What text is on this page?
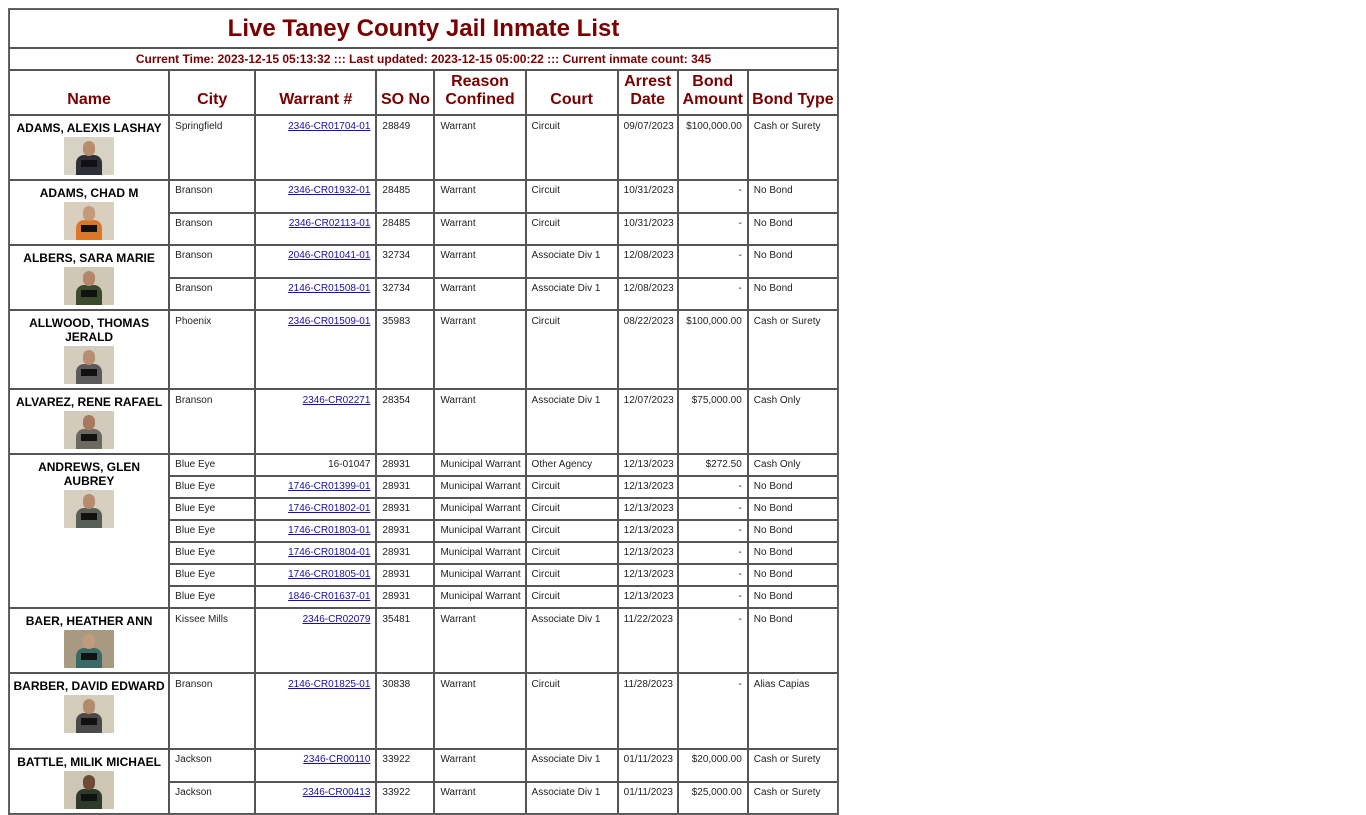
Live Taney County Jail Inmate List								
Current Time: 2023-12-15 05:13:32 ::: Last updated: 2023-12-15 05:00:22 ::: Current inmate count: 345								
Name	City	Warrant #	SO No	Reason Confined	Court	Arrest Date	Bond Amount	Bond Type

ADAMS, ALEXIS LASHAY	Springfield	2346-CR01704-01	28849	Warrant	Circuit	09/07/2023	$100,000.00	Cash or Surety

ADAMS, CHAD M	Branson	2346-CR01932-01	28485	Warrant	Circuit	10/31/2023	-	No Bond
	Branson	2346-CR02113-01	28485	Warrant	Circuit	10/31/2023	-	No Bond

ALBERS, SARA MARIE	Branson	2046-CR01041-01	32734	Warrant	Associate Div 1	12/08/2023	-	No Bond
	Branson	2146-CR01508-01	32734	Warrant	Associate Div 1	12/08/2023	-	No Bond

ALLWOOD, THOMAS JERALD	Phoenix	2346-CR01509-01	35983	Warrant	Circuit	08/22/2023	$100,000.00	Cash or Surety

ALVAREZ, RENE RAFAEL	Branson	2346-CR02271	28354	Warrant	Associate Div 1	12/07/2023	$75,000.00	Cash Only

ANDREWS, GLEN AUBREY	Blue Eye	16-01047	28931	Municipal Warrant	Other Agency	12/13/2023	$272.50	Cash Only
	Blue Eye	1746-CR01399-01	28931	Municipal Warrant	Circuit	12/13/2023	-	No Bond
	Blue Eye	1746-CR01802-01	28931	Municipal Warrant	Circuit	12/13/2023	-	No Bond
	Blue Eye	1746-CR01803-01	28931	Municipal Warrant	Circuit	12/13/2023	-	No Bond
	Blue Eye	1746-CR01804-01	28931	Municipal Warrant	Circuit	12/13/2023	-	No Bond
	Blue Eye	1746-CR01805-01	28931	Municipal Warrant	Circuit	12/13/2023	-	No Bond
	Blue Eye	1846-CR01637-01	28931	Municipal Warrant	Circuit	12/13/2023	-	No Bond

BAER, HEATHER ANN	Kissee Mills	2346-CR02079	35481	Warrant	Associate Div 1	11/22/2023	-	No Bond

BARBER, DAVID EDWARD	Branson	2146-CR01825-01	30838	Warrant	Circuit	11/28/2023	-	Alias Capias

BATTLE, MILIK MICHAEL	Jackson	2346-CR00110	33922	Warrant	Associate Div 1	01/11/2023	$20,000.00	Cash or Surety
	Jackson	2346-CR00413	33922	Warrant	Associate Div 1	01/11/2023	$25,000.00	Cash or Surety
